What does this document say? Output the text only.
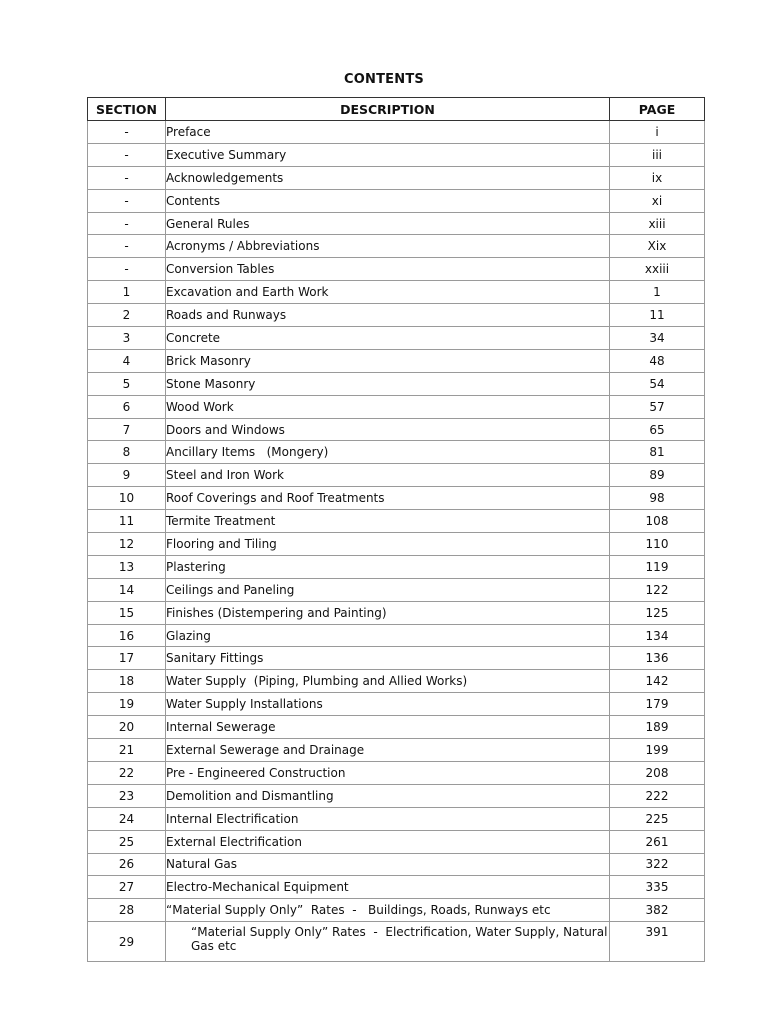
CONTENTS
SECTION	DESCRIPTION	PAGE
-	Preface	i
-	Executive Summary	iii
-	Acknowledgements	ix
-	Contents	xi
-	General Rules	xiii
-	Acronyms / Abbreviations	Xix
-	Conversion Tables	xxiii
1	Excavation and Earth Work	1
2	Roads and Runways	11
3	Concrete	34
4	Brick Masonry	48
5	Stone Masonry	54
6	Wood Work	57
7	Doors and Windows	65
8	Ancillary Items   (Mongery)	81
9	Steel and Iron Work	89
10	Roof Coverings and Roof Treatments	98
11	Termite Treatment	108
12	Flooring and Tiling	110
13	Plastering	119
14	Ceilings and Paneling	122
15	Finishes (Distempering and Painting)	125
16	Glazing	134
17	Sanitary Fittings	136
18	Water Supply  (Piping, Plumbing and Allied Works)	142
19	Water Supply Installations	179
20	Internal Sewerage	189
21	External Sewerage and Drainage	199
22	Pre - Engineered Construction	208
23	Demolition and Dismantling	222
24	Internal Electrification	225
25	External Electrification	261
26	Natural Gas	322
27	Electro-Mechanical Equipment	335
28	“Material Supply Only”  Rates  -   Buildings, Roads, Runways etc	382
29	“Material Supply Only” Rates  -  Electrification, Water Supply, Natural Gas etc	391
